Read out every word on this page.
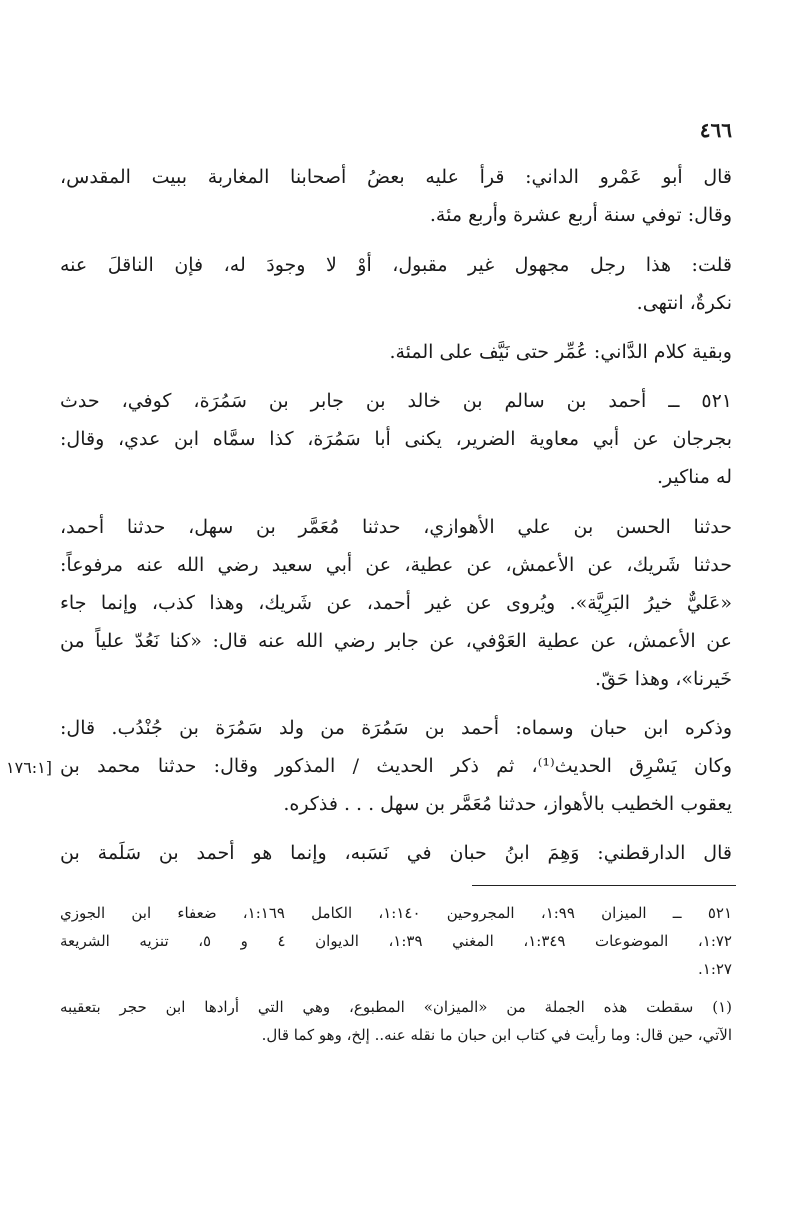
٤٦٦

قال أبو عَمْرو الداني: قرأ عليه بعضُ أصحابنا المغاربة ببيت المقدس،

وقال: توفي سنة أربع عشرة وأربع مئة.

قلت: هذا رجل مجهول غير مقبول، أوْ لا وجودَ له، فإن الناقلَ عنه

نكرةٌ، انتهى.

وبقية كلام الدَّاني: عُمِّر حتى نَيَّف على المئة.

٥٢١ ــ أحمد بن سالم بن خالد بن جابر بن سَمُرَة، كوفي، حدث

بجرجان عن أبي معاوية الضرير، يكنى أبا سَمُرَة، كذا سمَّاه ابن عدي، وقال:

له مناكير.

حدثنا الحسن بن علي الأهوازي، حدثنا مُعَمَّر بن سهل، حدثنا أحمد،

حدثنا شَريك، عن الأعمش، عن عطية، عن أبي سعيد رضي الله عنه مرفوعاً:

«عَليٌّ خيرُ البَرِيَّة». ويُروى عن غير أحمد، عن شَريك، وهذا كذب، وإنما جاء

عن الأعمش، عن عطية العَوْفي، عن جابر رضي الله عنه قال: «كنا نَعُدّ علياً من

خَيرنا»، وهذا حَقّ.

وذكره ابن حبان وسماه: أحمد بن سَمُرَة من ولد سَمُرَة بن جُنْدُب. قال:

وكان يَسْرِق الحديث⁽¹⁾، ثم ذكر الحديث / المذكور وقال: حدثنا محمد بن

يعقوب الخطيب بالأهواز، حدثنا مُعَمَّر بن سهل . . . فذكره.

قال الدارقطني: وَهِمَ ابنُ حبان في نَسَبه، وإنما هو أحمد بن سَلَمة بن

[١٧٦:١

٥٢١ ــ الميزان ١:٩٩، المجروحين ١:١٤٠، الكامل ١:١٦٩، ضعفاء ابن الجوزي

١:٧٢، الموضوعات ١:٣٤٩، المغني ١:٣٩، الديوان ٤ و ٥، تنزيه الشريعة

١:٢٧.

(١) سقطت هذه الجملة من «الميزان» المطبوع، وهي التي أرادها ابن حجر بتعقيبه

الآتي، حين قال: وما رأيت في كتاب ابن حبان ما نقله عنه.. إلخ، وهو كما قال.
